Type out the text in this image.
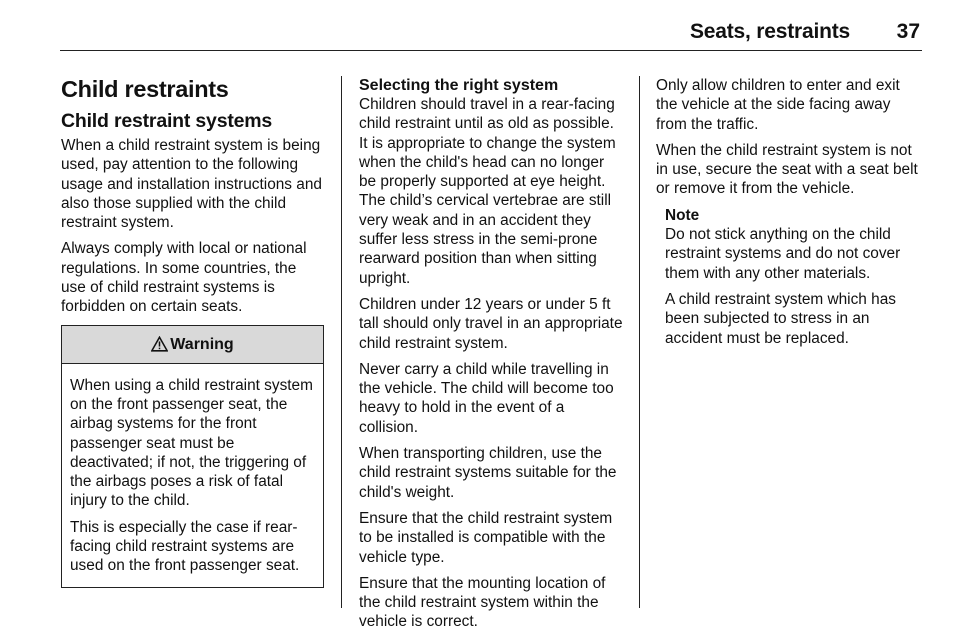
Seats, restraints 37
Child restraints
Child restraint systems

When a child restraint system is being used, pay attention to the following usage and installation instructions and also those supplied with the child restraint system.

Always comply with local or national regulations. In some countries, the use of child restraint systems is forbidden on certain seats.

Warning

When using a child restraint system on the front passenger seat, the airbag systems for the front passenger seat must be deactivated; if not, the triggering of the airbags poses a risk of fatal injury to the child.

This is especially the case if rear-facing child restraint systems are used on the front passenger seat.

Selecting the right system

Children should travel in a rear-facing child restraint until as old as possible. It is appropriate to change the system when the child's head can no longer be properly supported at eye height. The child’s cervical vertebrae are still very weak and in an accident they suffer less stress in the semi-prone rearward position than when sitting upright.

Children under 12 years or under 5 ft tall should only travel in an appropriate child restraint system.

Never carry a child while travelling in the vehicle. The child will become too heavy to hold in the event of a collision.

When transporting children, use the child restraint systems suitable for the child's weight.

Ensure that the child restraint system to be installed is compatible with the vehicle type.

Ensure that the mounting location of the child restraint system within the vehicle is correct.

Only allow children to enter and exit the vehicle at the side facing away from the traffic.

When the child restraint system is not in use, secure the seat with a seat belt or remove it from the vehicle.

Note

Do not stick anything on the child restraint systems and do not cover them with any other materials.

A child restraint system which has been subjected to stress in an accident must be replaced.
